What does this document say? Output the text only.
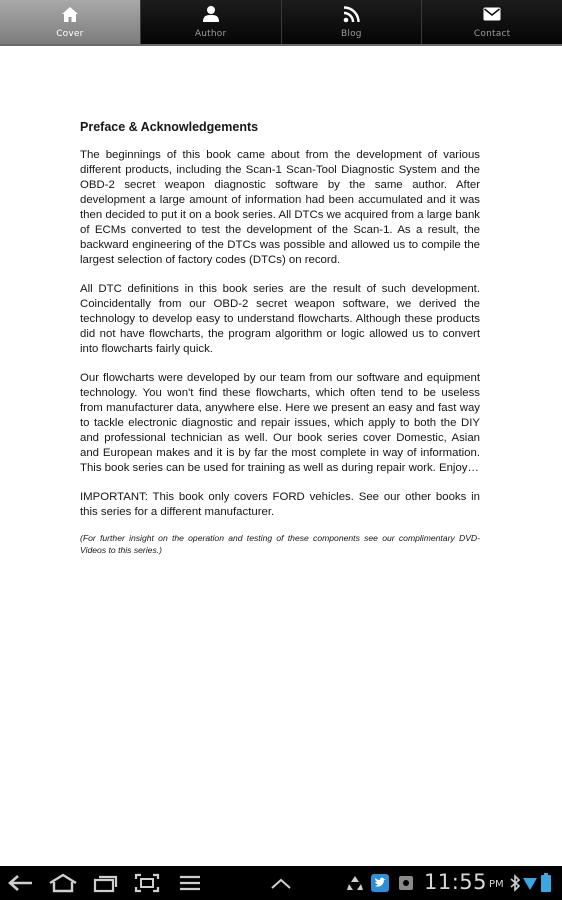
Cover	Author	Blog	Contact
Preface & Acknowledgements

The beginnings of this book came about from the development of various different products, including the Scan-1 Scan-Tool Diagnostic System and the OBD-2 secret weapon diagnostic software by the same author. After development a large amount of information had been accumulated and it was then decided to put it on a book series. All DTCs we acquired from a large bank of ECMs converted to test the development of the Scan-1. As a result, the backward engineering of the DTCs was possible and allowed us to compile the largest selection of factory codes (DTCs) on record.

All DTC definitions in this book series are the result of such development. Coincidentally from our OBD-2 secret weapon software, we derived the technology to develop easy to understand flowcharts. Although these products did not have flowcharts, the program algorithm or logic allowed us to convert into flowcharts fairly quick.

Our flowcharts were developed by our team from our software and equipment technology. You won't find these flowcharts, which often tend to be useless from manufacturer data, anywhere else. Here we present an easy and fast way to tackle electronic diagnostic and repair issues, which apply to both the DIY and professional technician as well. Our book series cover Domestic, Asian and European makes and it is by far the most complete in way of information. This book series can be used for training as well as during repair work. Enjoy…

IMPORTANT: This book only covers FORD vehicles. See our other books in this series for a different manufacturer.

(For further insight on the operation and testing of these components see our complimentary DVD-Videos to this series.)

11:55 PM
